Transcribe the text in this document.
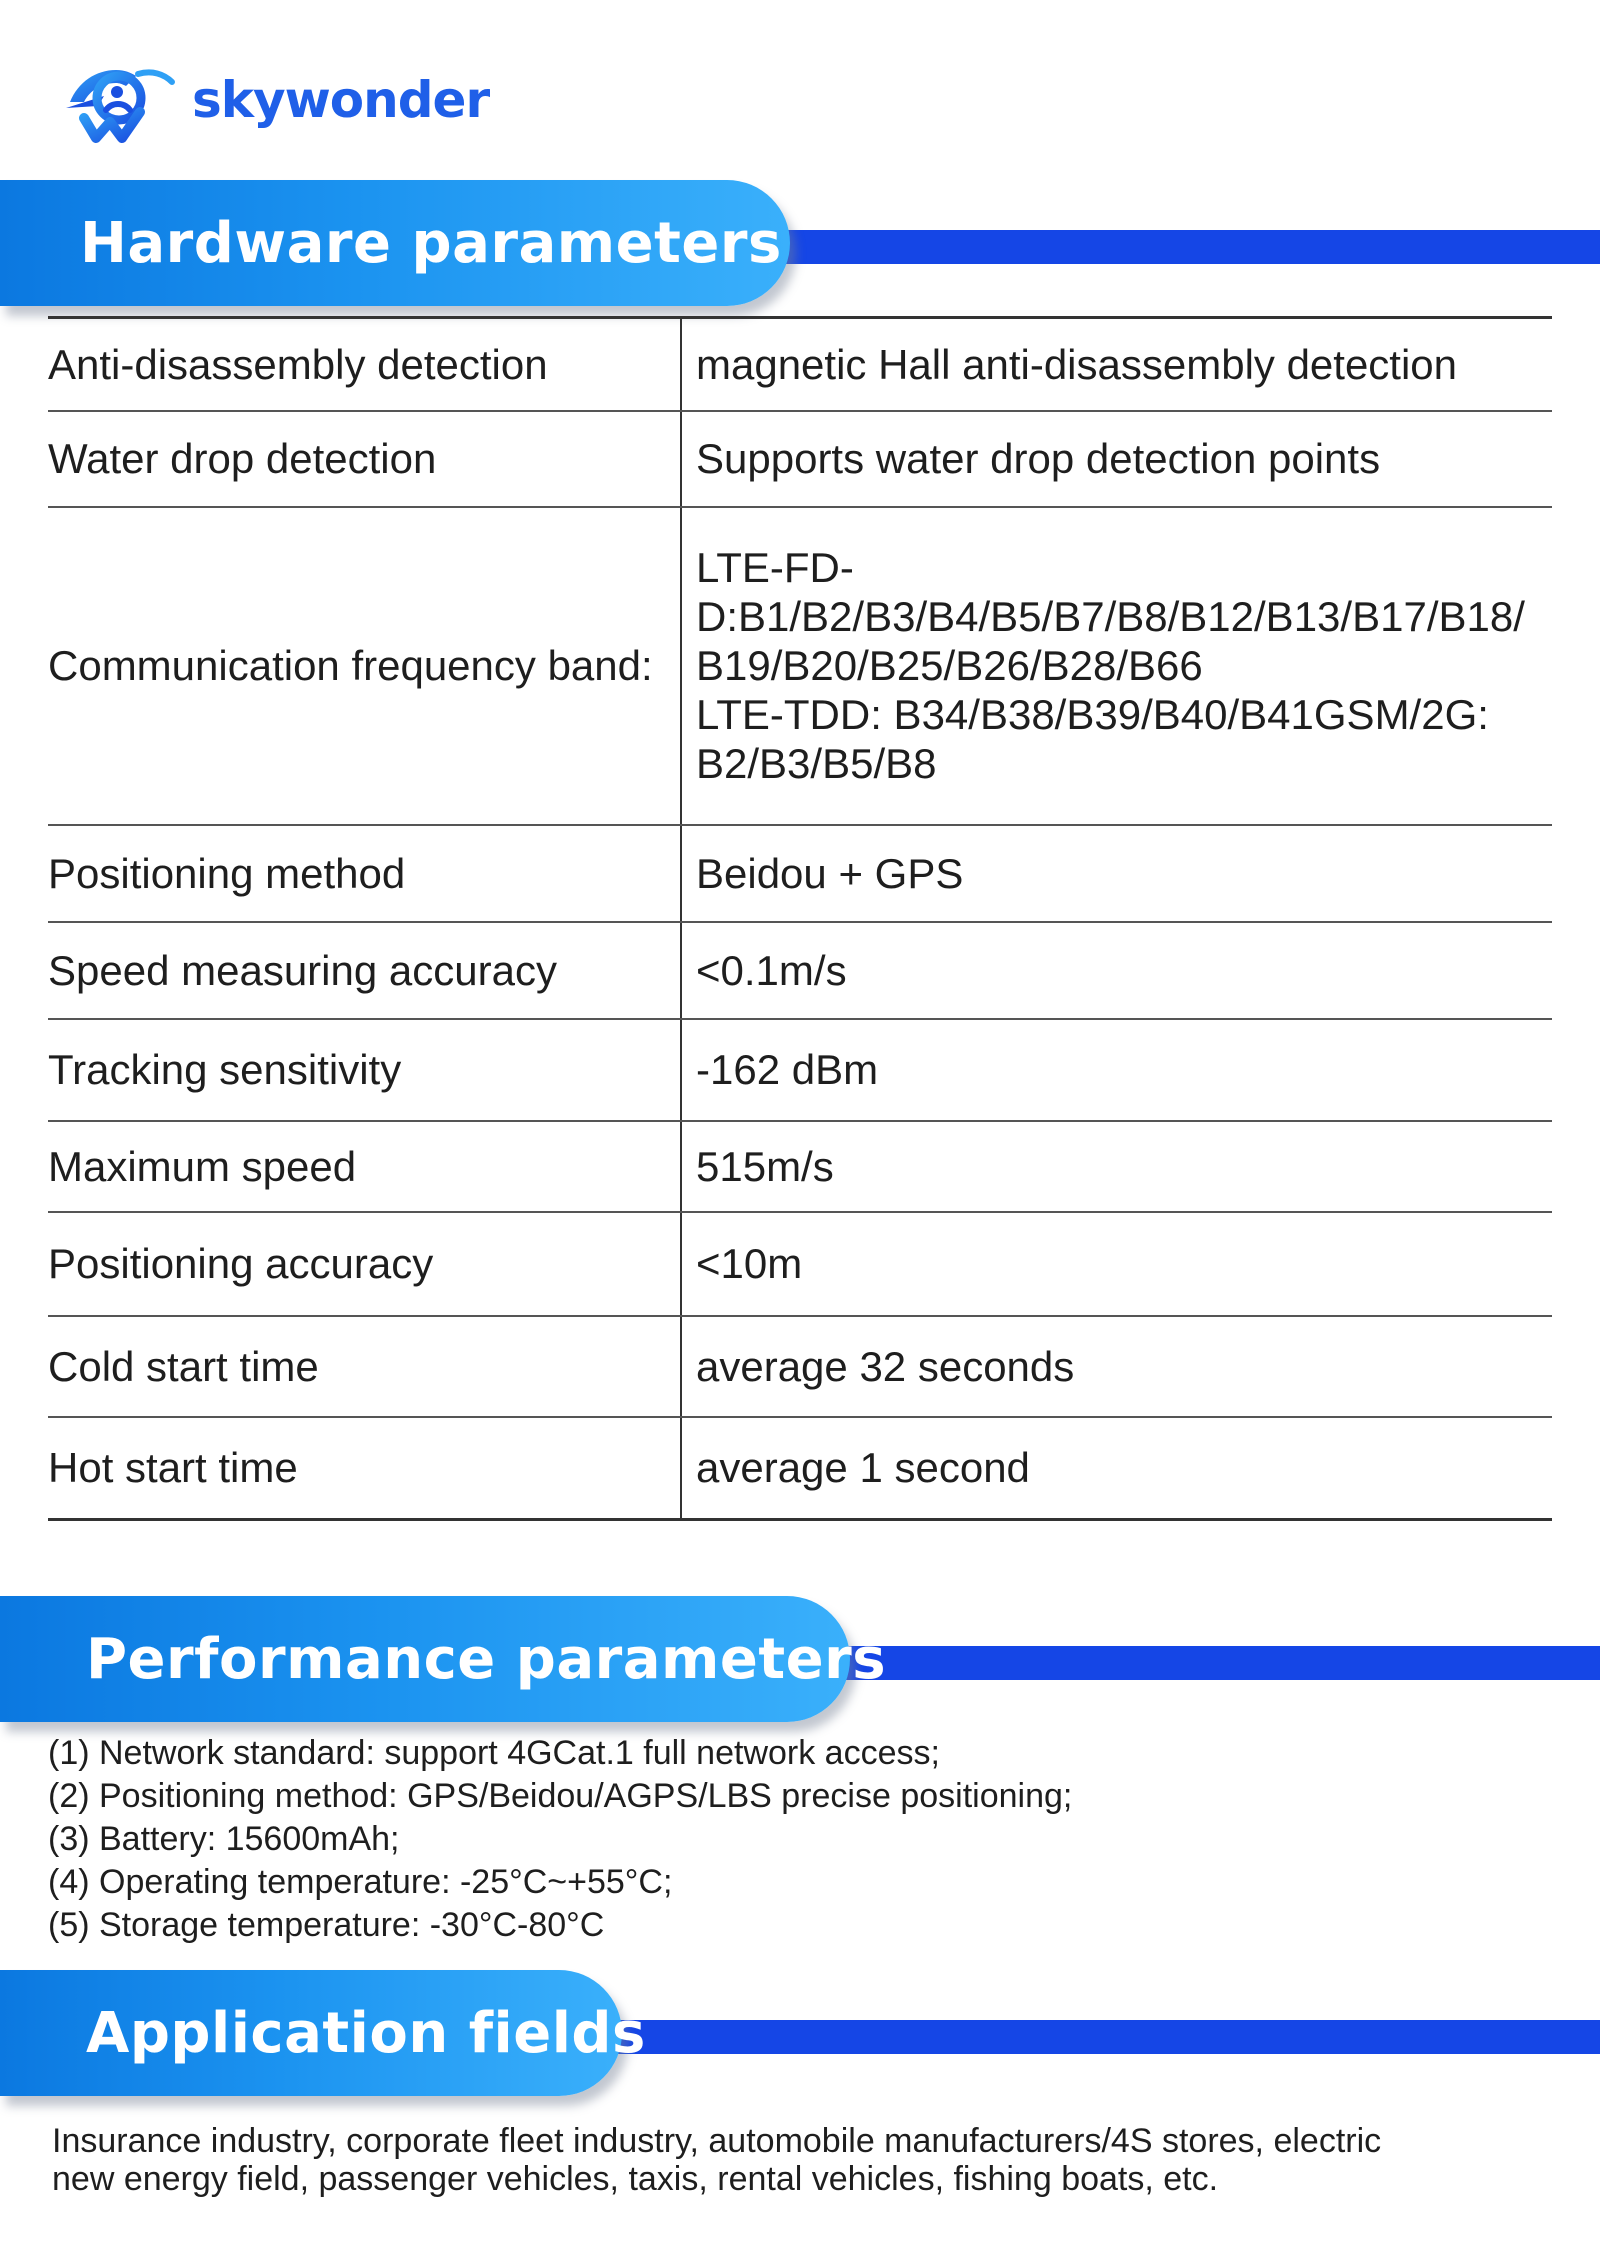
skywonder
Hardware parameters
Anti-disassembly detection	magnetic Hall anti-disassembly detection
Water drop detection	Supports water drop detection points
Communication frequency band:	LTE-FD-
D:B1/B2/B3/B4/B5/B7/B8/B12/B13/B17/B18/
B19/B20/B25/B26/B28/B66
LTE-TDD: B34/B38/B39/B40/B41GSM/2G:
B2/B3/B5/B8

Positioning method	Beidou + GPS
Speed measuring accuracy	<0.1m/s
Tracking sensitivity	-162 dBm
Maximum speed	515m/s
Positioning accuracy	<10m
Cold start time	average 32 seconds
Hot start time	average 1 second
Performance parameters
(1) Network standard: support 4GCat.1 full network access;
(2) Positioning method: GPS/Beidou/AGPS/LBS precise positioning;
(3) Battery: 15600mAh;
(4) Operating temperature: -25°C~+55°C;
(5) Storage temperature: -30°C-80°C
Application fields
Insurance industry, corporate fleet industry, automobile manufacturers/4S stores, electric
new energy field, passenger vehicles, taxis, rental vehicles, fishing boats, etc.
